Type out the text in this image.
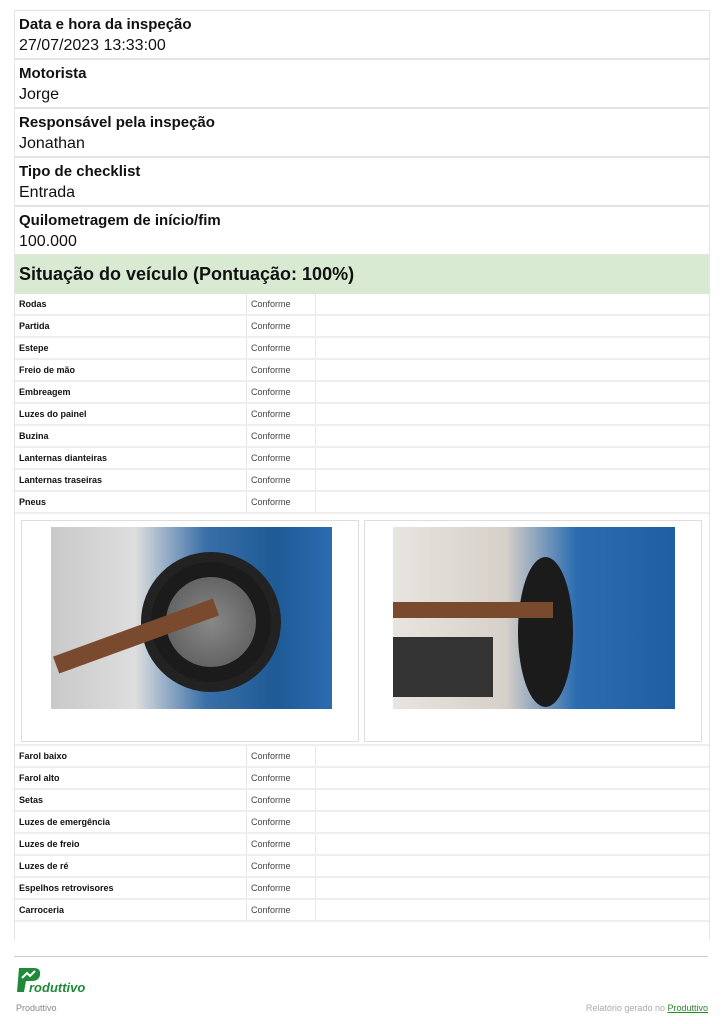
Data e hora da inspeção
27/07/2023 13:33:00
Motorista
Jorge
Responsável pela inspeção
Jonathan
Tipo de checklist
Entrada
Quilometragem de início/fim
100.000
Situação do veículo (Pontuação: 100%)
Rodas	Conforme
Partida	Conforme
Estepe	Conforme
Freio de mão	Conforme
Embreagem	Conforme
Luzes do painel	Conforme
Buzina	Conforme
Lanternas dianteiras	Conforme
Lanternas traseiras	Conforme
Pneus	Conforme
Farol baixo	Conforme
Farol alto	Conforme
Setas	Conforme
Luzes de emergência	Conforme
Luzes de freio	Conforme
Luzes de ré	Conforme
Espelhos retrovisores	Conforme
Carroceria	Conforme
roduttivo
Produttivo	Relatório gerado no Produttivo
